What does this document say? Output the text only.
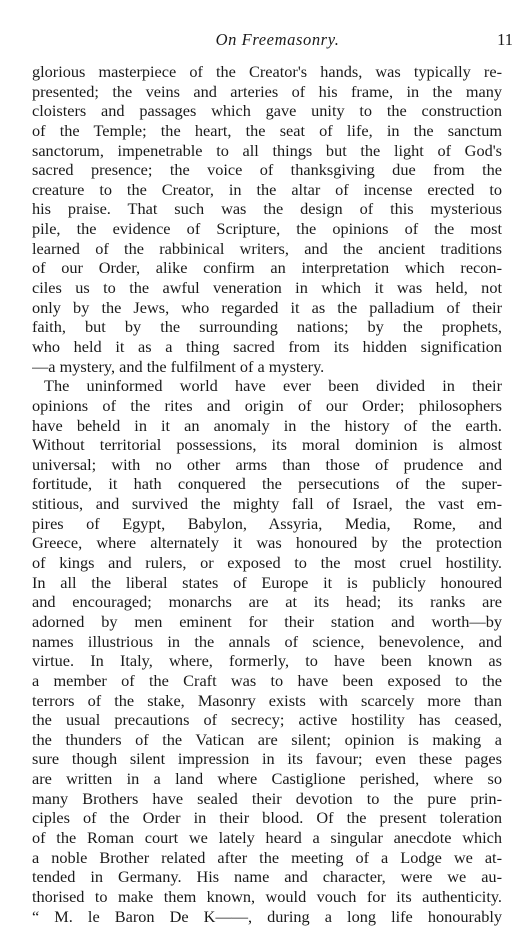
On Freemasonry.	11
glorious masterpiece of the Creator's hands, was typically re-
presented; the veins and arteries of his frame, in the many
cloisters and passages which gave unity to the construction
of the Temple; the heart, the seat of life, in the sanctum
sanctorum, impenetrable to all things but the light of God's
sacred presence; the voice of thanksgiving due from the
creature to the Creator, in the altar of incense erected to
his praise. That such was the design of this mysterious
pile, the evidence of Scripture, the opinions of the most
learned of the rabbinical writers, and the ancient traditions
of our Order, alike confirm an interpretation which recon-
ciles us to the awful veneration in which it was held, not
only by the Jews, who regarded it as the palladium of their
faith, but by the surrounding nations; by the prophets,
who held it as a thing sacred from its hidden signification
—a mystery, and the fulfilment of a mystery.
The uninformed world have ever been divided in their
opinions of the rites and origin of our Order; philosophers
have beheld in it an anomaly in the history of the earth.
Without territorial possessions, its moral dominion is almost
universal; with no other arms than those of prudence and
fortitude, it hath conquered the persecutions of the super-
stitious, and survived the mighty fall of Israel, the vast em-
pires of Egypt, Babylon, Assyria, Media, Rome, and
Greece, where alternately it was honoured by the protection
of kings and rulers, or exposed to the most cruel hostility.
In all the liberal states of Europe it is publicly honoured
and encouraged; monarchs are at its head; its ranks are
adorned by men eminent for their station and worth—by
names illustrious in the annals of science, benevolence, and
virtue. In Italy, where, formerly, to have been known as
a member of the Craft was to have been exposed to the
terrors of the stake, Masonry exists with scarcely more than
the usual precautions of secrecy; active hostility has ceased,
the thunders of the Vatican are silent; opinion is making a
sure though silent impression in its favour; even these pages
are written in a land where Castiglione perished, where so
many Brothers have sealed their devotion to the pure prin-
ciples of the Order in their blood. Of the present toleration
of the Roman court we lately heard a singular anecdote which
a noble Brother related after the meeting of a Lodge we at-
tended in Germany. His name and character, were we au-
thorised to make them known, would vouch for its authenticity.
“ M. le Baron De K——, during a long life honourably
